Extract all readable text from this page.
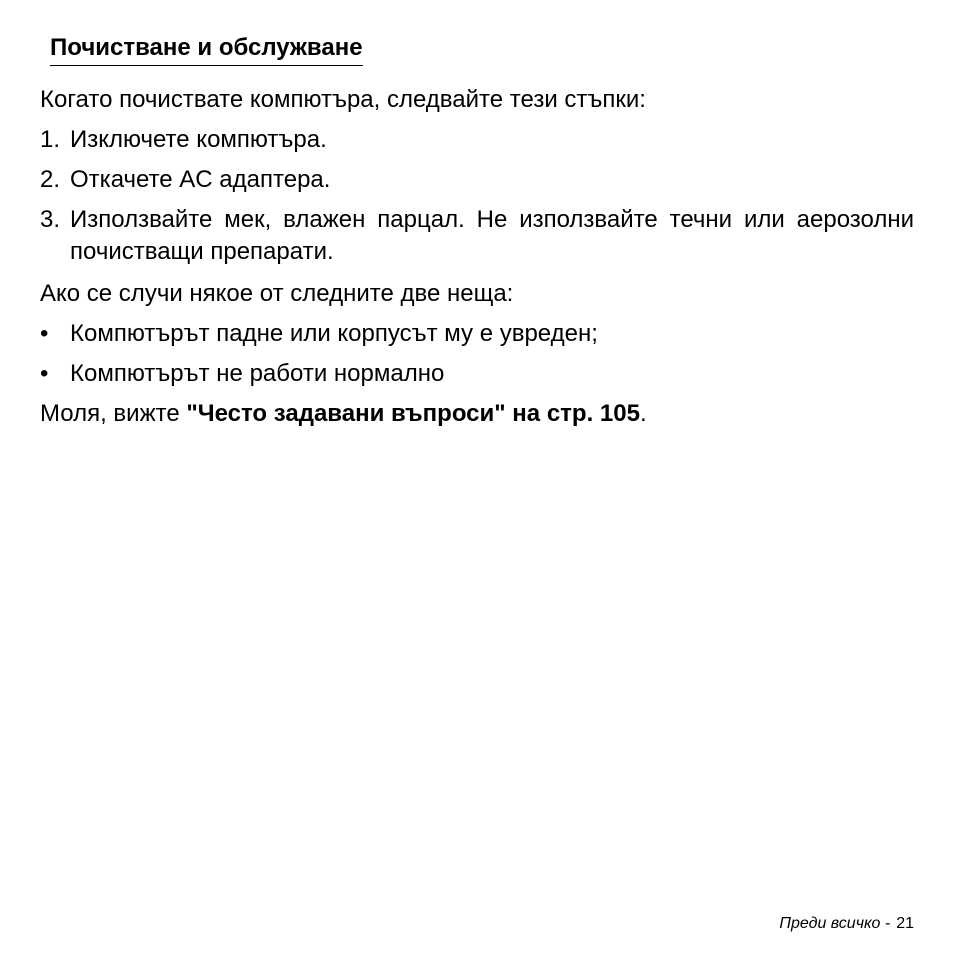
Почистване и обслужване

Когато почиствате компютъра, следвайте тези стъпки:

1. Изключете компютъра.
2. Откачете AC адаптера.
3. Използвайте мек, влажен парцал. Не използвайте течни или аерозолни почистващи препарати.

Ако се случи някое от следните две неща:

• Компютърът падне или корпусът му е увреден;
• Компютърът не работи нормално

Моля, вижте "Често задавани въпроси" на стр. 105.

Преди всичко - 21
